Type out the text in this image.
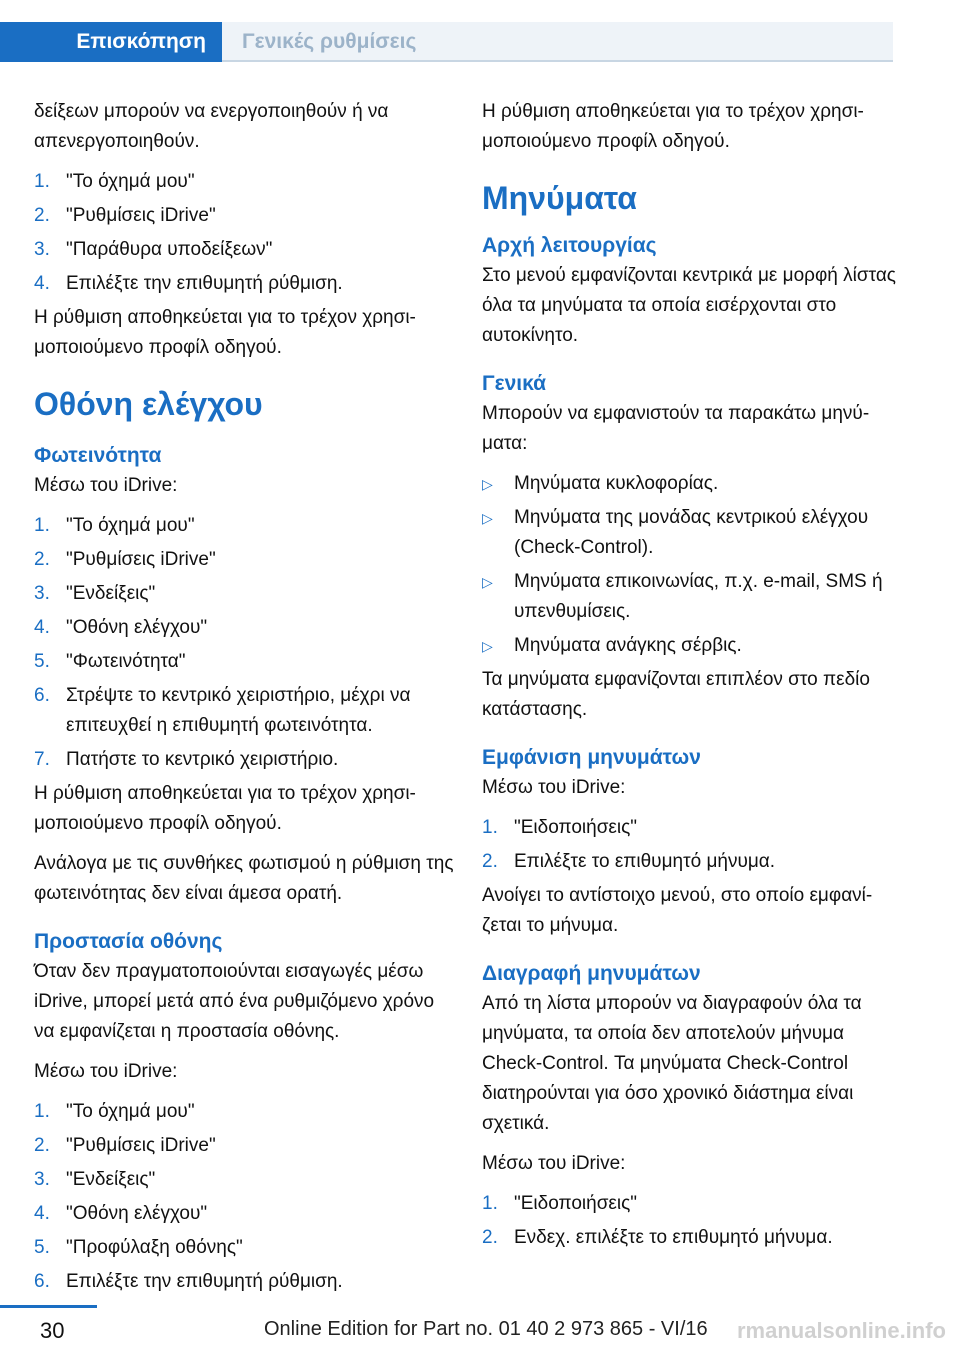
Επισκόπηση	Γενικές ρυθμίσεις

δείξεων μπορούν να ενεργοποιηθούν ή να απενεργοποιηθούν.

1. "Το όχημά μου"
2. "Ρυθμίσεις iDrive"
3. "Παράθυρα υποδείξεων"
4. Επιλέξτε την επιθυμητή ρύθμιση.

Η ρύθμιση αποθηκεύεται για το τρέχον χρησιμοποιούμενο προφίλ οδηγού.

Οθόνη ελέγχου
Φωτεινότητα

Μέσω του iDrive:

1. "Το όχημά μου"
2. "Ρυθμίσεις iDrive"
3. "Ενδείξεις"
4. "Οθόνη ελέγχου"
5. "Φωτεινότητα"
6. Στρέψτε το κεντρικό χειριστήριο, μέχρι να επιτευχθεί η επιθυμητή φωτεινότητα.
7. Πατήστε το κεντρικό χειριστήριο.

Η ρύθμιση αποθηκεύεται για το τρέχον χρησιμοποιούμενο προφίλ οδηγού.

Ανάλογα με τις συνθήκες φωτισμού η ρύθμιση της φωτεινότητας δεν είναι άμεσα ορατή.

Προστασία οθόνης

Όταν δεν πραγματοποιούνται εισαγωγές μέσω iDrive, μπορεί μετά από ένα ρυθμιζόμενο χρόνο να εμφανίζεται η προστασία οθόνης.

Μέσω του iDrive:

1. "Το όχημά μου"
2. "Ρυθμίσεις iDrive"
3. "Ενδείξεις"
4. "Οθόνη ελέγχου"
5. "Προφύλαξη οθόνης"
6. Επιλέξτε την επιθυμητή ρύθμιση.

Η ρύθμιση αποθηκεύεται για το τρέχον χρησιμοποιούμενο προφίλ οδηγού.

Μηνύματα
Αρχή λειτουργίας

Στο μενού εμφανίζονται κεντρικά με μορφή λίστας όλα τα μηνύματα τα οποία εισέρχονται στο αυτοκίνητο.

Γενικά

Μπορούν να εμφανιστούν τα παρακάτω μηνύματα:

▷ Μηνύματα κυκλοφορίας.
▷ Μηνύματα της μονάδας κεντρικού ελέγχου (Check-Control).
▷ Μηνύματα επικοινωνίας, π.χ. e-mail, SMS ή υπενθυμίσεις.
▷ Μηνύματα ανάγκης σέρβις.

Τα μηνύματα εμφανίζονται επιπλέον στο πεδίο κατάστασης.

Εμφάνιση μηνυμάτων

Μέσω του iDrive:

1. "Ειδοποιήσεις"
2. Επιλέξτε το επιθυμητό μήνυμα.

Ανοίγει το αντίστοιχο μενού, στο οποίο εμφανίζεται το μήνυμα.

Διαγραφή μηνυμάτων

Από τη λίστα μπορούν να διαγραφούν όλα τα μηνύματα, τα οποία δεν αποτελούν μήνυμα Check-Control. Τα μηνύματα Check-Control διατηρούνται για όσο χρονικό διάστημα είναι σχετικά.

Μέσω του iDrive:

1. "Ειδοποιήσεις"
2. Ενδεχ. επιλέξτε το επιθυμητό μήνυμα.
30	Online Edition for Part no. 01 40 2 973 865 - VI/16 rmanualsonline.info
